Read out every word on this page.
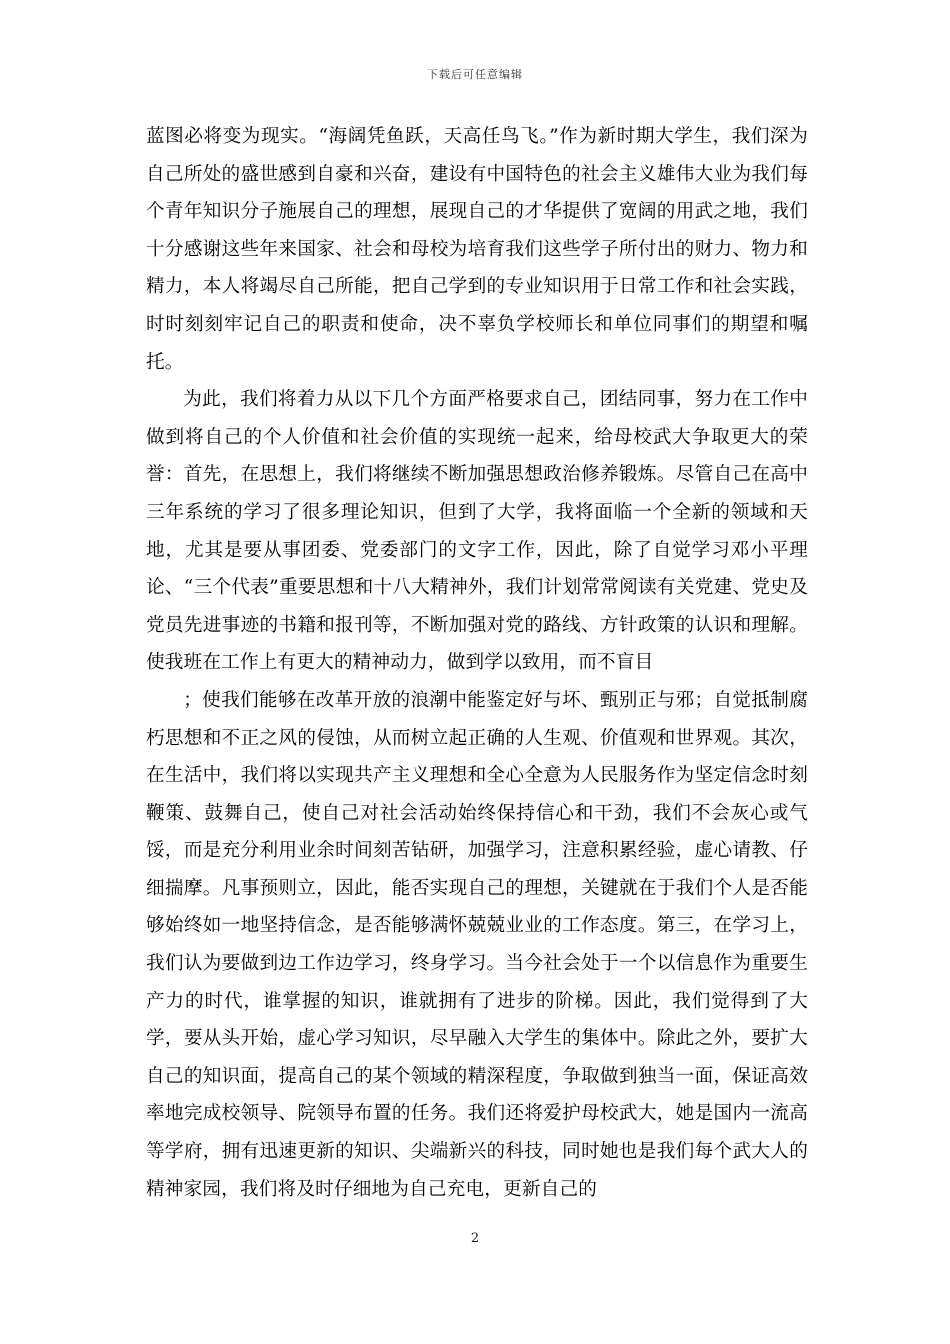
下载后可任意编辑

蓝图必将变为现实。“海阔凭鱼跃，天高任鸟飞。”作为新时期大学生，我们深为自己所处的盛世感到自豪和兴奋，建设有中国特色的社会主义雄伟大业为我们每个青年知识分子施展自己的理想，展现自己的才华提供了宽阔的用武之地，我们十分感谢这些年来国家、社会和母校为培育我们这些学子所付出的财力、物力和精力，本人将竭尽自己所能，把自己学到的专业知识用于日常工作和社会实践，时时刻刻牢记自己的职责和使命，决不辜负学校师长和单位同事们的期望和嘱托。

为此，我们将着力从以下几个方面严格要求自己，团结同事，努力在工作中做到将自己的个人价值和社会价值的实现统一起来，给母校武大争取更大的荣誉：首先，在思想上，我们将继续不断加强思想政治修养锻炼。尽管自己在高中三年系统的学习了很多理论知识，但到了大学，我将面临一个全新的领域和天地，尤其是要从事团委、党委部门的文字工作，因此，除了自觉学习邓小平理论、“三个代表”重要思想和十八大精神外，我们计划常常阅读有关党建、党史及党员先进事迹的书籍和报刊等，不断加强对党的路线、方针政策的认识和理解。使我班在工作上有更大的精神动力，做到学以致用，而不盲目

；使我们能够在改革开放的浪潮中能鉴定好与坏、甄别正与邪；自觉抵制腐朽思想和不正之风的侵蚀，从而树立起正确的人生观、价值观和世界观。其次，在生活中，我们将以实现共产主义理想和全心全意为人民服务作为坚定信念时刻鞭策、鼓舞自己，使自己对社会活动始终保持信心和干劲，我们不会灰心或气馁，而是充分利用业余时间刻苦钻研，加强学习，注意积累经验，虚心请教、仔细揣摩。凡事预则立，因此，能否实现自己的理想，关键就在于我们个人是否能够始终如一地坚持信念，是否能够满怀兢兢业业的工作态度。第三，在学习上，我们认为要做到边工作边学习，终身学习。当今社会处于一个以信息作为重要生产力的时代，谁掌握的知识，谁就拥有了进步的阶梯。因此，我们觉得到了大学，要从头开始，虚心学习知识，尽早融入大学生的集体中。除此之外，要扩大自己的知识面，提高自己的某个领域的精深程度，争取做到独当一面，保证高效率地完成校领导、院领导布置的任务。我们还将爱护母校武大，她是国内一流高等学府，拥有迅速更新的知识、尖端新兴的科技，同时她也是我们每个武大人的精神家园，我们将及时仔细地为自己充电，更新自己的

2
